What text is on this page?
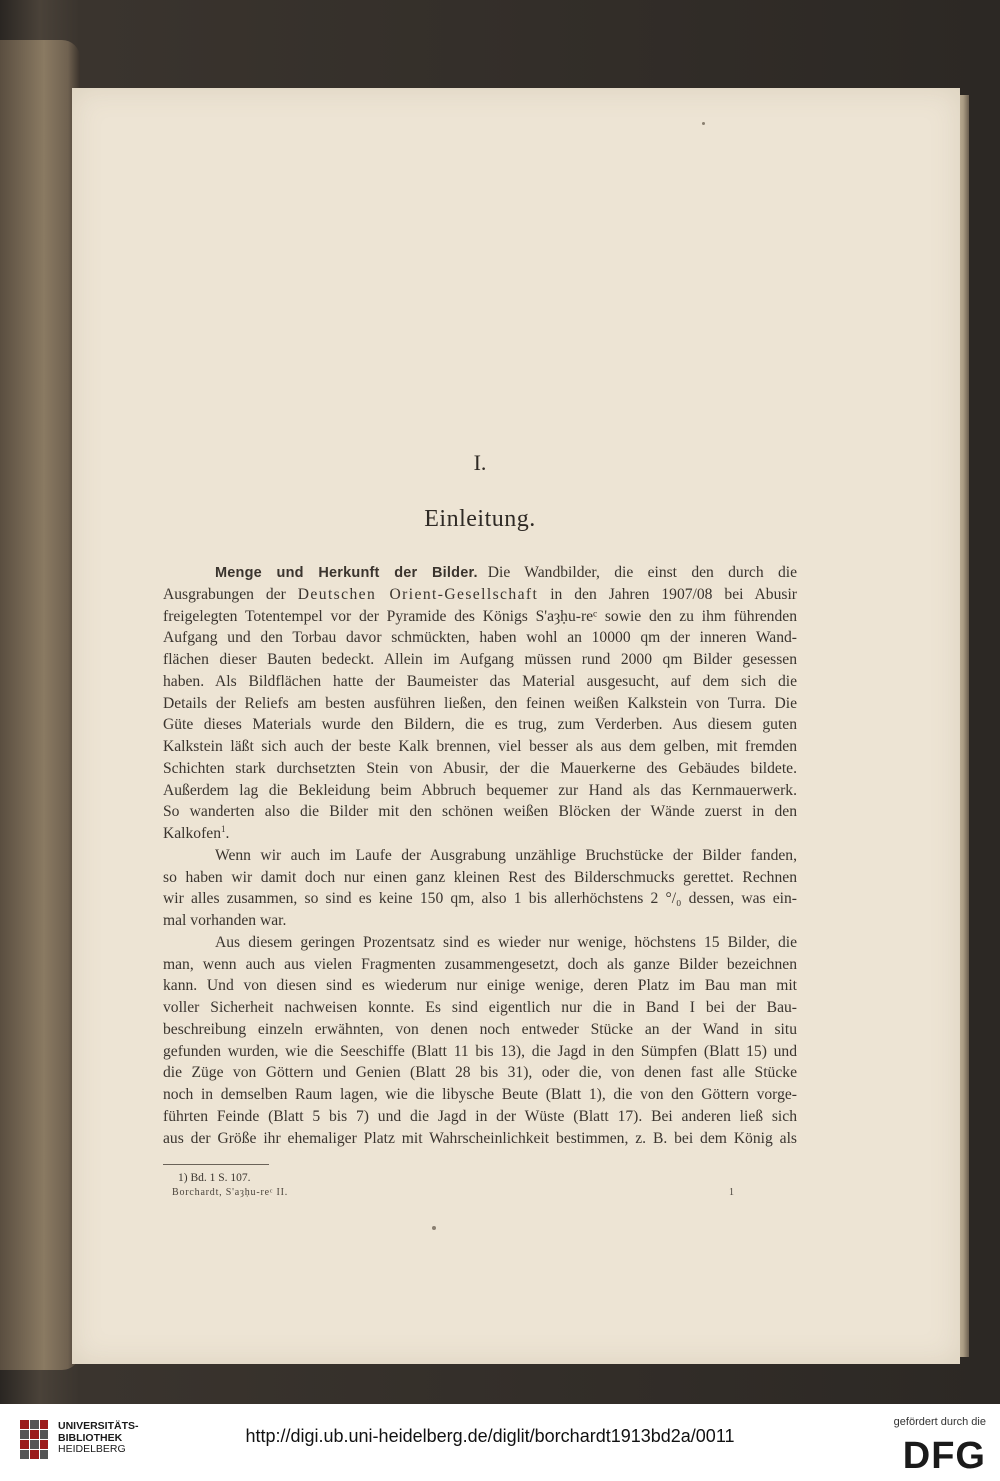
I.
Einleitung.
Menge und Herkunft der Bilder. Die Wandbilder, die einst den durch die
Ausgrabungen der Deutschen Orient-Gesellschaft in den Jahren 1907/08 bei Abusir
freigelegten Totentempel vor der Pyramide des Königs S'aȝḥu-reᶜ sowie den zu ihm führenden
Aufgang und den Torbau davor schmückten, haben wohl an 10000 qm der inneren Wand-
flächen dieser Bauten bedeckt. Allein im Aufgang müssen rund 2000 qm Bilder gesessen
haben. Als Bildflächen hatte der Baumeister das Material ausgesucht, auf dem sich die
Details der Reliefs am besten ausführen ließen, den feinen weißen Kalkstein von Turra. Die
Güte dieses Materials wurde den Bildern, die es trug, zum Verderben. Aus diesem guten
Kalkstein läßt sich auch der beste Kalk brennen, viel besser als aus dem gelben, mit fremden
Schichten stark durchsetzten Stein von Abusir, der die Mauerkerne des Gebäudes bildete.
Außerdem lag die Bekleidung beim Abbruch bequemer zur Hand als das Kernmauerwerk.
So wanderten also die Bilder mit den schönen weißen Blöcken der Wände zuerst in den
Kalkofen$^1$.
Wenn wir auch im Laufe der Ausgrabung unzählige Bruchstücke der Bilder fanden,
so haben wir damit doch nur einen ganz kleinen Rest des Bilderschmucks gerettet. Rechnen
wir alles zusammen, so sind es keine 150 qm, also 1 bis allerhöchstens 2 °/₀ dessen, was ein-
mal vorhanden war.
Aus diesem geringen Prozentsatz sind es wieder nur wenige, höchstens 15 Bilder, die
man, wenn auch aus vielen Fragmenten zusammengesetzt, doch als ganze Bilder bezeichnen
kann. Und von diesen sind es wiederum nur einige wenige, deren Platz im Bau man mit
voller Sicherheit nachweisen konnte. Es sind eigentlich nur die in Band I bei der Bau-
beschreibung einzeln erwähnten, von denen noch entweder Stücke an der Wand in situ
gefunden wurden, wie die Seeschiffe (Blatt 11 bis 13), die Jagd in den Sümpfen (Blatt 15) und
die Züge von Göttern und Genien (Blatt 28 bis 31), oder die, von denen fast alle Stücke
noch in demselben Raum lagen, wie die libysche Beute (Blatt 1), die von den Göttern vorge-
führten Feinde (Blatt 5 bis 7) und die Jagd in der Wüste (Blatt 17). Bei anderen ließ sich
aus der Größe ihr ehemaliger Platz mit Wahrscheinlichkeit bestimmen, z. B. bei dem König als
1) Bd. 1 S. 107.
Borchardt, S'aȝḥu-reᶜ II.	1
UNIVERSITÄTS-
BIBLIOTHEK
HEIDELBERG
http://digi.ub.uni-heidelberg.de/diglit/borchardt1913bd2a/0011
gefördert durch die
DFG
